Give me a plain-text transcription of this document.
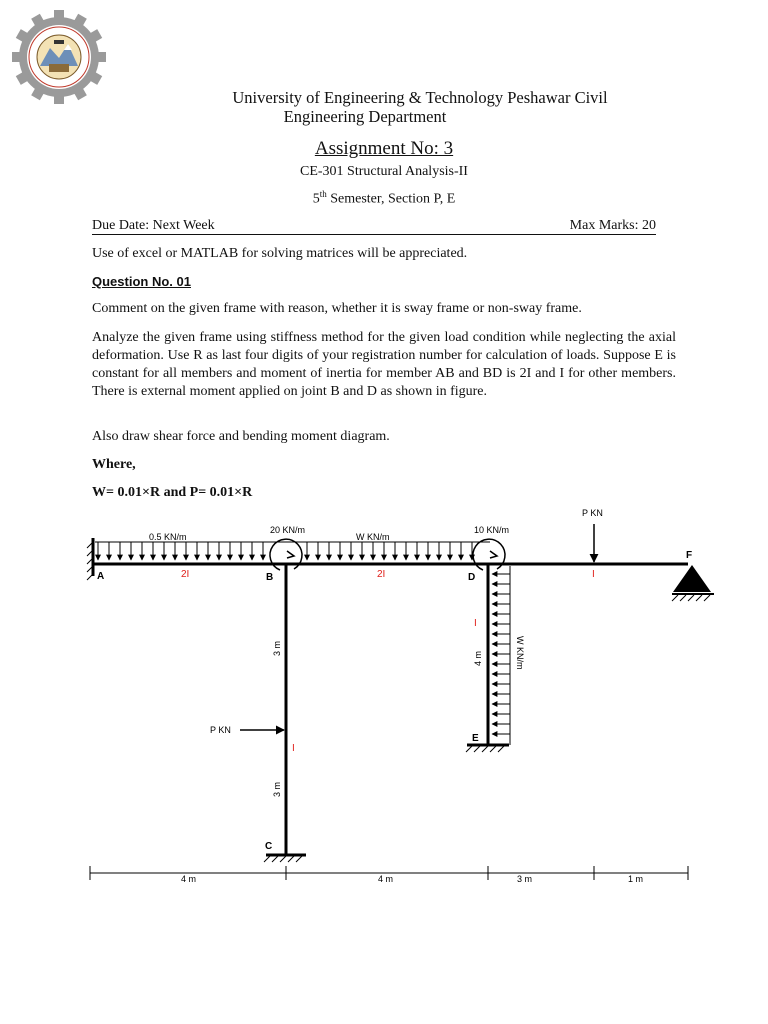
University of Engineering & Technology Peshawar Civil
Engineering Department
Assignment No: 3
CE-301 Structural Analysis-II
5th Semester, Section P, E
Due Date: Next Week	Max Marks: 20
Use of excel or MATLAB for solving matrices will be appreciated.
Question No. 01
Comment on the given frame with reason, whether it is sway frame or non-sway frame.
Analyze the given frame using stiffness method for the given load condition while neglecting the axial deformation. Use R as last four digits of your registration number for calculation of loads. Suppose E is constant for all members and moment of inertia for member AB and BD is 2I and I for other members. There is external moment applied on joint B and D as shown in figure.
Also draw shear force and bending moment diagram.
Where,
W= 0.01×R and P= 0.01×R
A	B
C
D
E
F
0.5 KN/m	W KN/m
20 KN/m	10 KN/m
P KN
P KN
W KN/m
2I	2I	I
I
I
3 m
3 m
4 m
4 m	4 m	3 m	1 m
